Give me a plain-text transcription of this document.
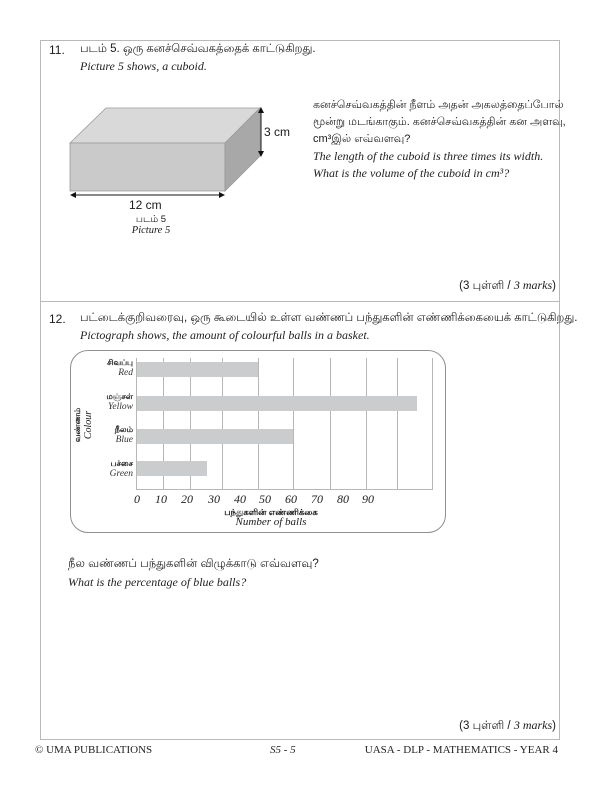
11. படம் 5. ஒரு கனச்செவ்வகத்தைக் காட்டுகிறது.
Picture 5 shows, a cuboid.
3 cm
12 cm
படம் 5
Picture 5
கனச்செவ்வகத்தின் நீளம் அதன் அகலத்தைப்போல்
மூன்று மடங்காகும். கனச்செவ்வகத்தின் கன அளவு,
cm³இல் எவ்வளவு?
The length of the cuboid is three times its width.
What is the volume of the cuboid in cm³?
(3 புள்ளி / 3 marks)
12. பட்டைக்குறிவரைவு, ஒரு கூடையில் உள்ள வண்ணப் பந்துகளின் எண்ணிக்கையைக் காட்டுகிறது.
Pictograph shows, the amount of colourful balls in a basket.
சிவப்பு
Red
மஞ்சள்
Yellow
நீலம்
Blue
பச்சை
Green
வண்ணம் Colour
0 10 20 30 40 50 60 70 80 90
பந்துகளின் எண்ணிக்கை
Number of balls
நீல வண்ணப் பந்துகளின் விழுக்காடு எவ்வளவு?
What is the percentage of blue balls?
(3 புள்ளி / 3 marks)
© UMA PUBLICATIONS	S5 - 5	UASA - DLP - MATHEMATICS - YEAR 4
